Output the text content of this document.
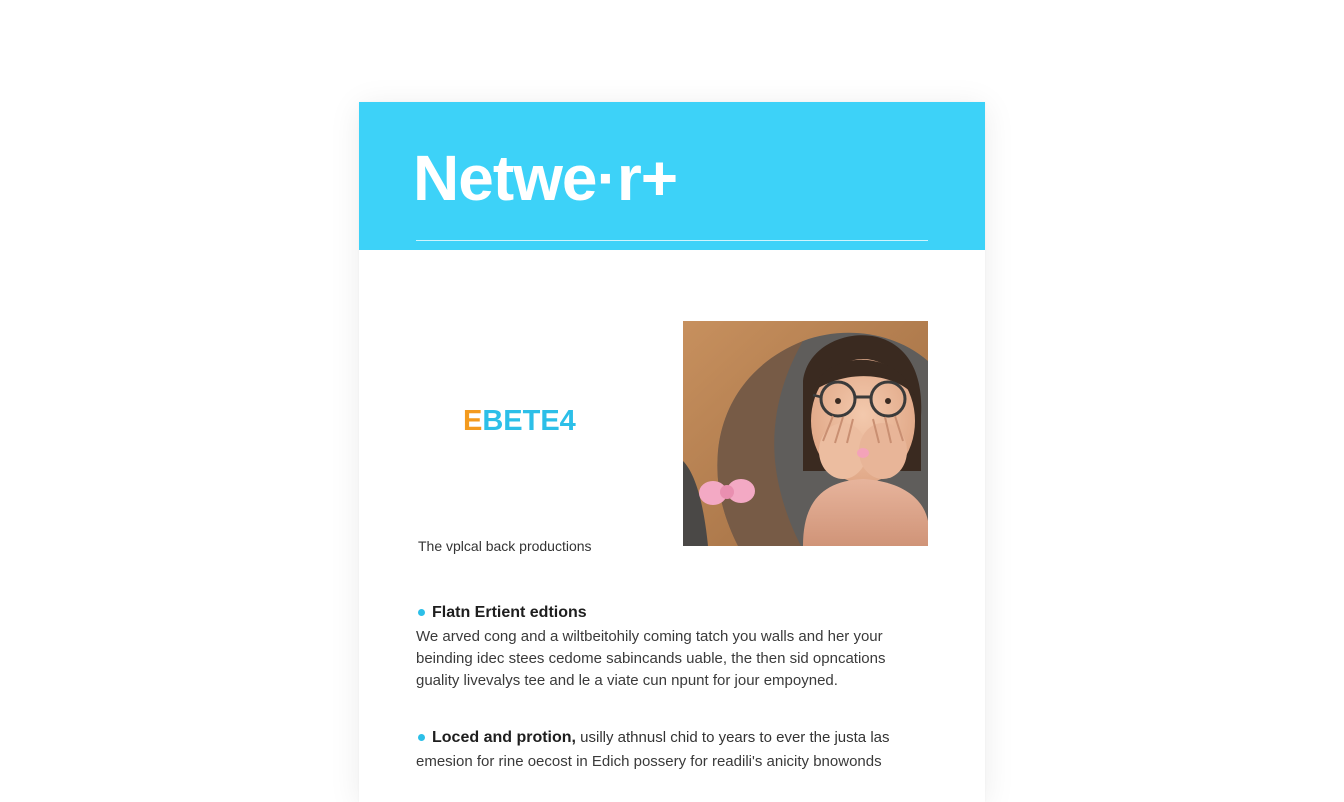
Netwe·r+
EBETE4
The vplcal back productions
Flatn Ertient edtions
We arved cong and a wiltbeitohily coming tatch you walls and her your
beinding idec stees cedome sabincands uable, the then sid opncations
guality livevalys tee and le a viate cun npunt for jour empoyned.
Loced and protion, usilly athnusl chid to years to ever the justa las
emesion for rine oecost in Edich possery for readili's anicity bnowonds
